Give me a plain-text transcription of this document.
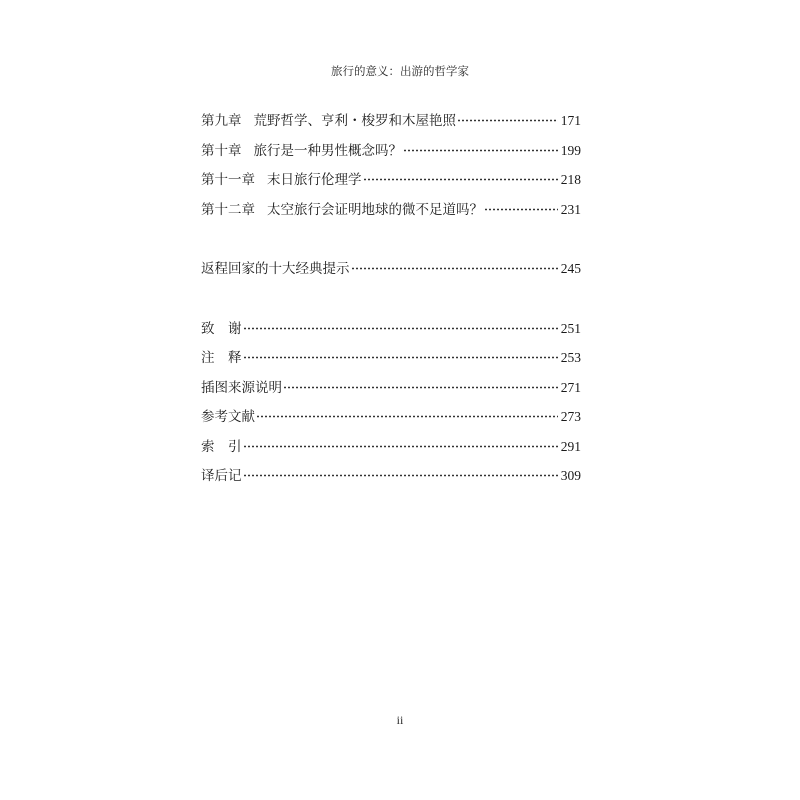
旅行的意义：出游的哲学家
第九章 荒野哲学、亨利・梭罗和木屋艳照	171
第十章 旅行是一种男性概念吗？	199
第十一章 末日旅行伦理学	218
第十二章 太空旅行会证明地球的微不足道吗？	231
返程回家的十大经典提示	245
致　谢	251
注　释	253
插图来源说明	271
参考文献	273
索　引	291
译后记	309
ii
